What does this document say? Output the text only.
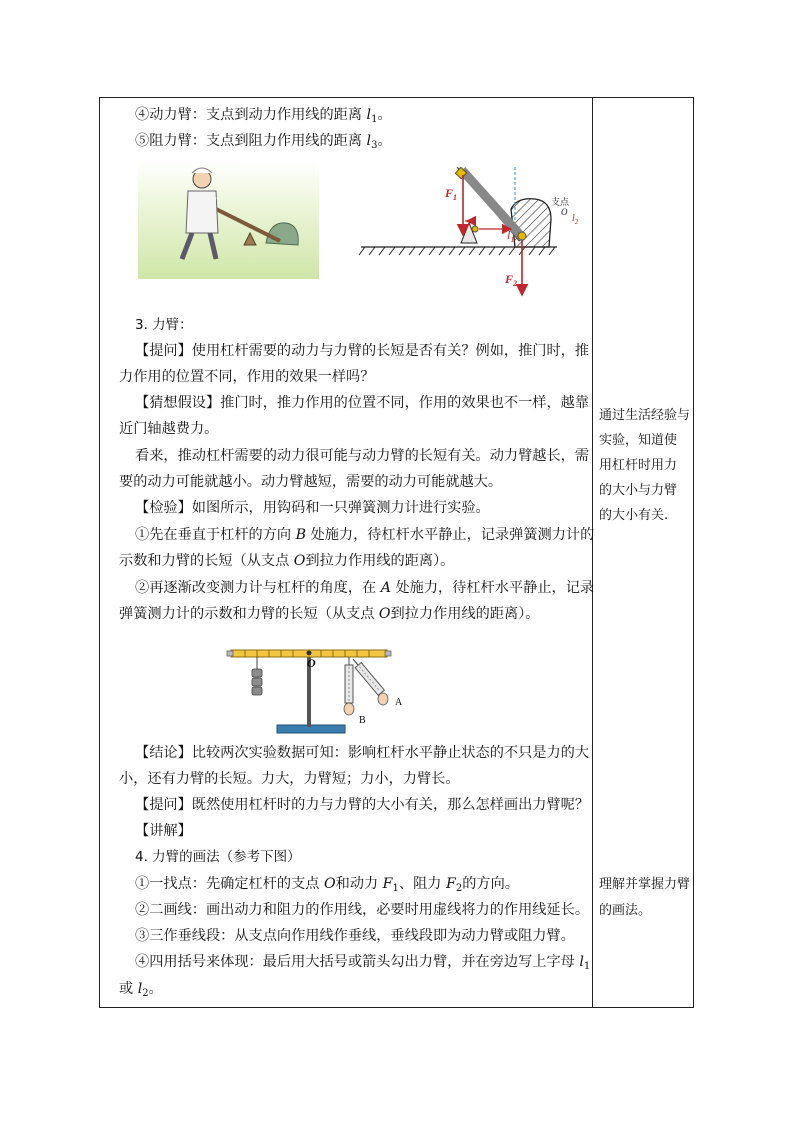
④动力臂：支点到动力作用线的距离 $l_1$。
⑤阻力臂：支点到阻力作用线的距离 $l_3$。
$F_1$
$F_2$
支点
O
$l_1$
$l_2$
3. 力臂：
【提问】使用杠杆需要的动力与力臂的长短是否有关？例如，推门时，推
力作用的位置不同，作用的效果一样吗？
【猜想假设】推门时，推力作用的位置不同，作用的效果也不一样，越靠
近门轴越费力。
看来，推动杠杆需要的动力很可能与动力臂的长短有关。动力臂越长，需
要的动力可能就越小。动力臂越短，需要的动力可能就越大。
【检验】如图所示，用钩码和一只弹簧测力计进行实验。
①先在垂直于杠杆的方向 B 处施力，待杠杆水平静止，记录弹簧测力计的
示数和力臂的长短（从支点 O到拉力作用线的距离）。
②再逐渐改变测力计与杠杆的角度，在 A 处施力，待杠杆水平静止，记录
弹簧测力计的示数和力臂的长短（从支点 O到拉力作用线的距离）。
O
A
B
【结论】比较两次实验数据可知：影响杠杆水平静止状态的不只是力的大
小，还有力臂的长短。力大，力臂短；力小，力臂长。
【提问】既然使用杠杆时的力与力臂的大小有关，那么怎样画出力臂呢？
【讲解】
4. 力臂的画法（参考下图）
①一找点：先确定杠杆的支点 O和动力 $F_1$、阻力 $F_2$的方向。
②二画线：画出动力和阻力的作用线，必要时用虚线将力的作用线延长。
③三作垂线段：从支点向作用线作垂线，垂线段即为动力臂或阻力臂。
④四用括号来体现：最后用大括号或箭头勾出力臂，并在旁边写上字母 $l_1$
或 $l_2$。
通过生活经验与
实验，知道使
用杠杆时用力
的大小与力臂
的大小有关.
理解并掌握力臂
的画法。
